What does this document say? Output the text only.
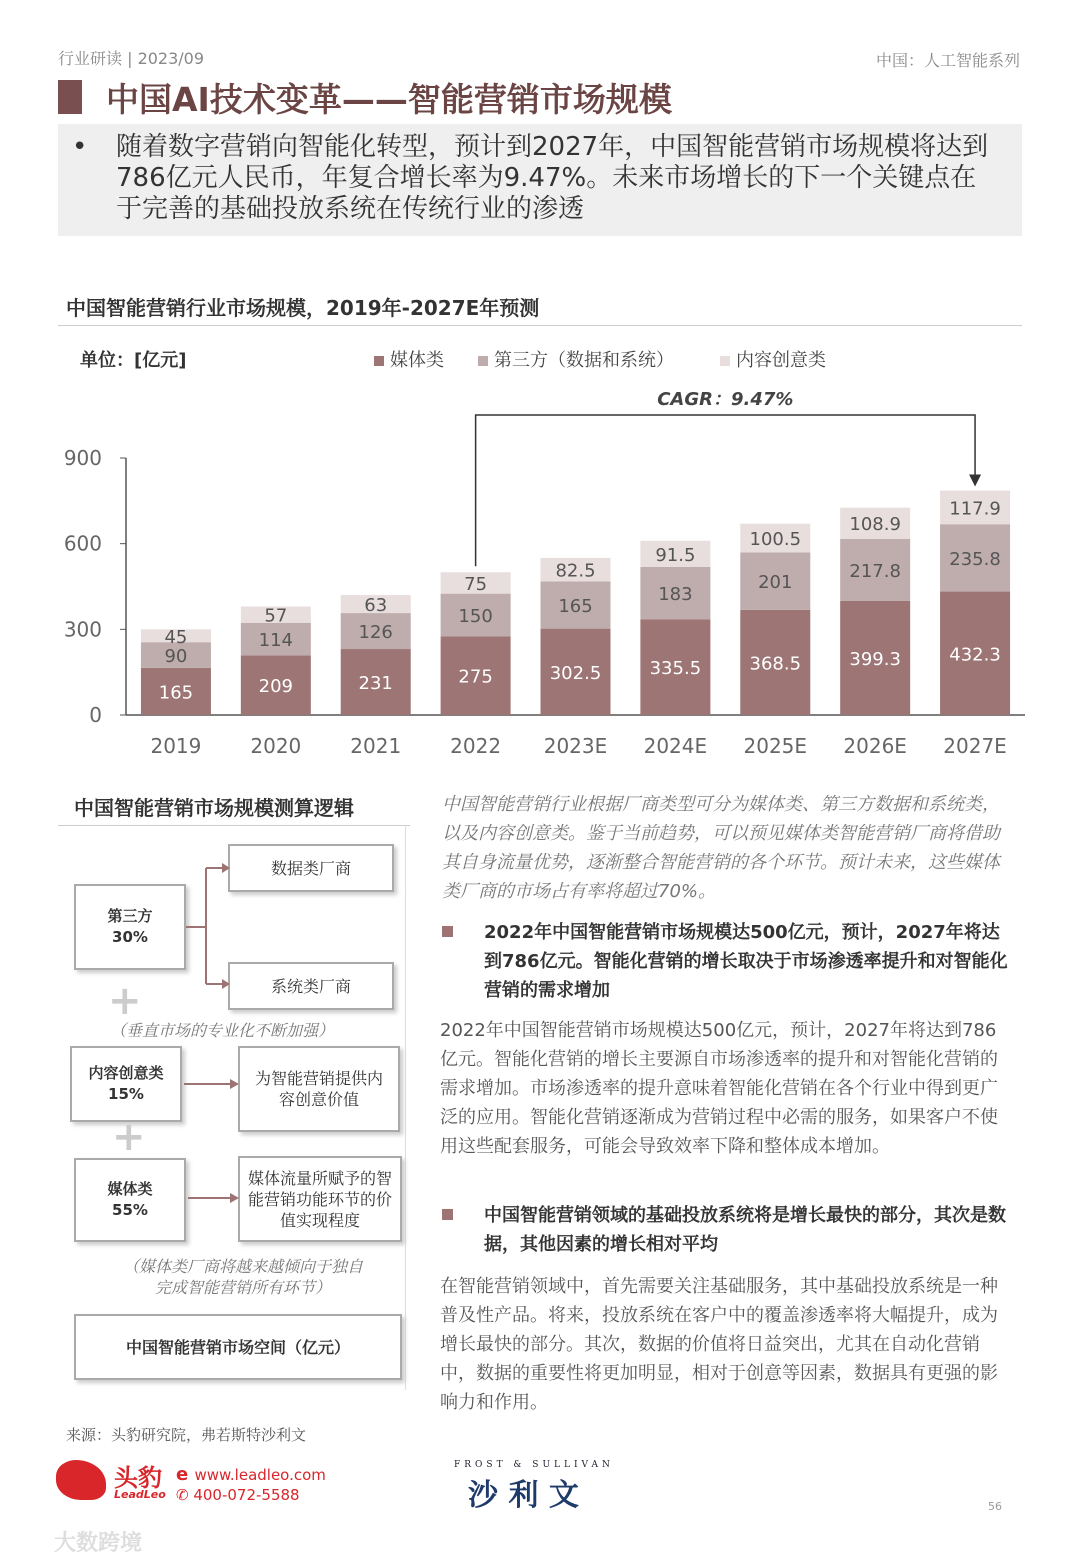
行业研读 | 2023/09	中国：人工智能系列
中国AI技术变革——智能营销市场规模
• 随着数字营销向智能化转型，预计到2027年，中国智能营销市场规模将达到786亿元人民币，年复合增长率为9.47%。未来市场增长的下一个关键点在于完善的基础投放系统在传统行业的渗透
中国智能营销行业市场规模，2019年-2027E年预测
单位：[亿元]	媒体类	第三方（数据和系统）	内容创意类
0
300
600
900
165
90
45
2019
209
114
57
2020
231
126
63
2021
275
150
75
2022
302.5
165
82.5
2023E
335.5
183
91.5
2024E
368.5
201
100.5
2025E
399.3
217.8
108.9
2026E
432.3
235.8
117.9
2027E
CAGR：9.47%
中国智能营销市场规模测算逻辑
第三方
30%
数据类厂商
系统类厂商
+
（垂直市场的专业化不断加强）
内容创意类
15%
为智能营销提供内容创意价值
媒体类
55%
媒体流量所赋予的智能营销功能环节的价值实现程度
+
（媒体类厂商将越来越倾向于独自完成智能营销所有环节）
中国智能营销市场空间（亿元）
中国智能营销行业根据厂商类型可分为媒体类、第三方数据和系统类，以及内容创意类。鉴于当前趋势，可以预见媒体类智能营销厂商将借助其自身流量优势，逐渐整合智能营销的各个环节。预计未来，这些媒体类厂商的市场占有率将超过70%。
2022年中国智能营销市场规模达500亿元，预计，2027年将达到786亿元。智能化营销的增长取决于市场渗透率提升和对智能化营销的需求增加
2022年中国智能营销市场规模达500亿元，预计，2027年将达到786亿元。智能化营销的增长主要源自市场渗透率的提升和对智能化营销的需求增加。市场渗透率的提升意味着智能化营销在各个行业中得到更广泛的应用。智能化营销逐渐成为营销过程中必需的服务，如果客户不使用这些配套服务，可能会导致效率下降和整体成本增加。
中国智能营销领域的基础投放系统将是增长最快的部分，其次是数据，其他因素的增长相对平均
在智能营销领域中，首先需要关注基础服务，其中基础投放系统是一种普及性产品。将来，投放系统在客户中的覆盖渗透率将大幅提升，成为增长最快的部分。其次，数据的价值将日益突出，尤其在自动化营销中，数据的重要性将更加明显，相对于创意等因素，数据具有更强的影响力和作用。
来源：头豹研究院，弗若斯特沙利文
头豹
LeadLeo
e www.leadleo.com
✆ 400-072-5588
FROST & SULLIVAN
沙 利 文	56
大数跨境
